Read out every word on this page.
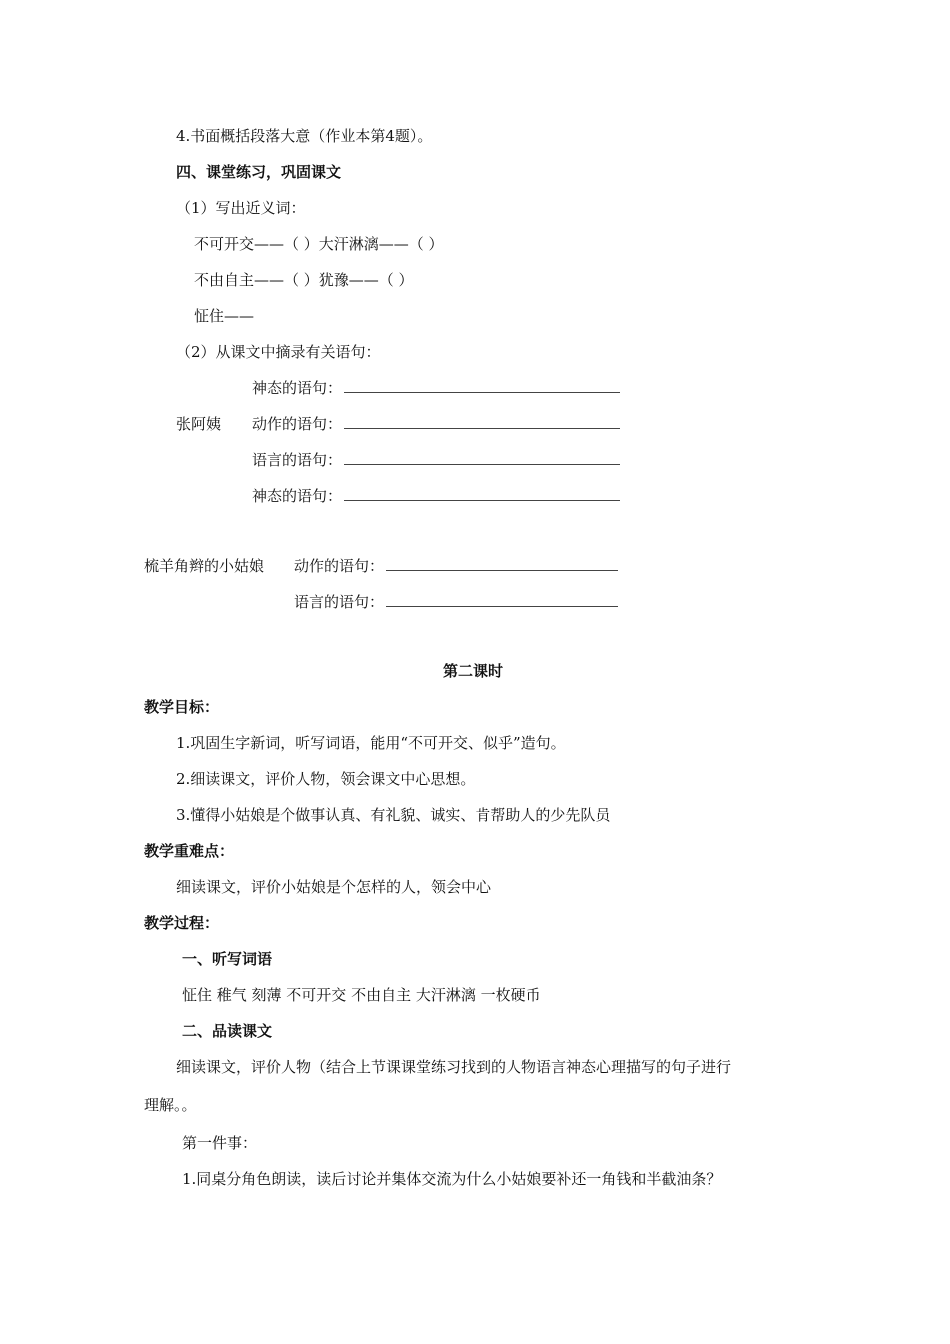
4.书面概括段落大意（作业本第4题）。
四、课堂练习，巩固课文
（1）写出近义词：
不可开交——（ ）大汗淋漓——（ ）
不由自主——（ ）犹豫——（ ）
怔住——
（2）从课文中摘录有关语句：
神态的语句：
张阿姨 动作的语句：
语言的语句：
神态的语句：
梳羊角辫的小姑娘 动作的语句：
语言的语句：
第二课时
教学目标：
1.巩固生字新词，听写词语，能用“不可开交、似乎”造句。
2.细读课文，评价人物，领会课文中心思想。
3.懂得小姑娘是个做事认真、有礼貌、诚实、肯帮助人的少先队员
教学重难点：
细读课文，评价小姑娘是个怎样的人，领会中心
教学过程：
一、听写词语
怔住 稚气 刻薄 不可开交 不由自主 大汗淋漓 一枚硬币
二、品读课文
细读课文，评价人物（结合上节课课堂练习找到的人物语言神态心理描写的句子进行
理解。。
第一件事：
1.同桌分角色朗读，读后讨论并集体交流为什么小姑娘要补还一角钱和半截油条？
